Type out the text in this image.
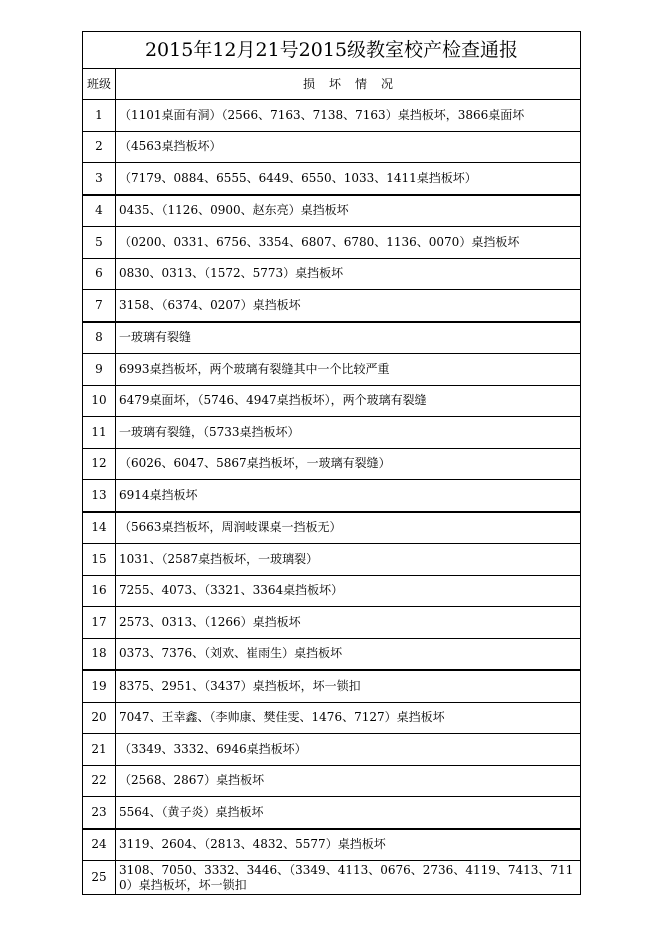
2015年12月21号2015级教室校产检查通报	
班级	损坏情况
1	（1101桌面有洞）（2566、7163、7138、7163）桌挡板坏，3866桌面坏
2	（4563桌挡板坏）
3	（7179、0884、6555、6449、6550、1033、1411桌挡板坏）
4	0435、（1126、0900、赵东亮）桌挡板坏
5	（0200、0331、6756、3354、6807、6780、1136、0070）桌挡板坏
6	0830、0313、（1572、5773）桌挡板坏
7	3158、（6374、0207）桌挡板坏
8	一玻璃有裂缝
9	6993桌挡板坏，两个玻璃有裂缝其中一个比较严重
10	6479桌面坏，（5746、4947桌挡板坏），两个玻璃有裂缝
11	一玻璃有裂缝，（5733桌挡板坏）
12	（6026、6047、5867桌挡板坏，一玻璃有裂缝）
13	6914桌挡板坏
14	（5663桌挡板坏，周润岐课桌一挡板无）
15	1031、（2587桌挡板坏，一玻璃裂）
16	7255、4073、（3321、3364桌挡板坏）
17	2573、0313、（1266）桌挡板坏
18	0373、7376、（刘欢、崔雨生）桌挡板坏
19	8375、2951、（3437）桌挡板坏，坏一锁扣
20	7047、王幸鑫、（李帅康、樊佳雯、1476、7127）桌挡板坏
21	（3349、3332、6946桌挡板坏）
22	（2568、2867）桌挡板坏
23	5564、（黄子炎）桌挡板坏
24	3119、2604、（2813、4832、5577）桌挡板坏
25	3108、7050、3332、3446、（3349、4113、0676、2736、4119、7413、7110）桌挡板坏，坏一锁扣
